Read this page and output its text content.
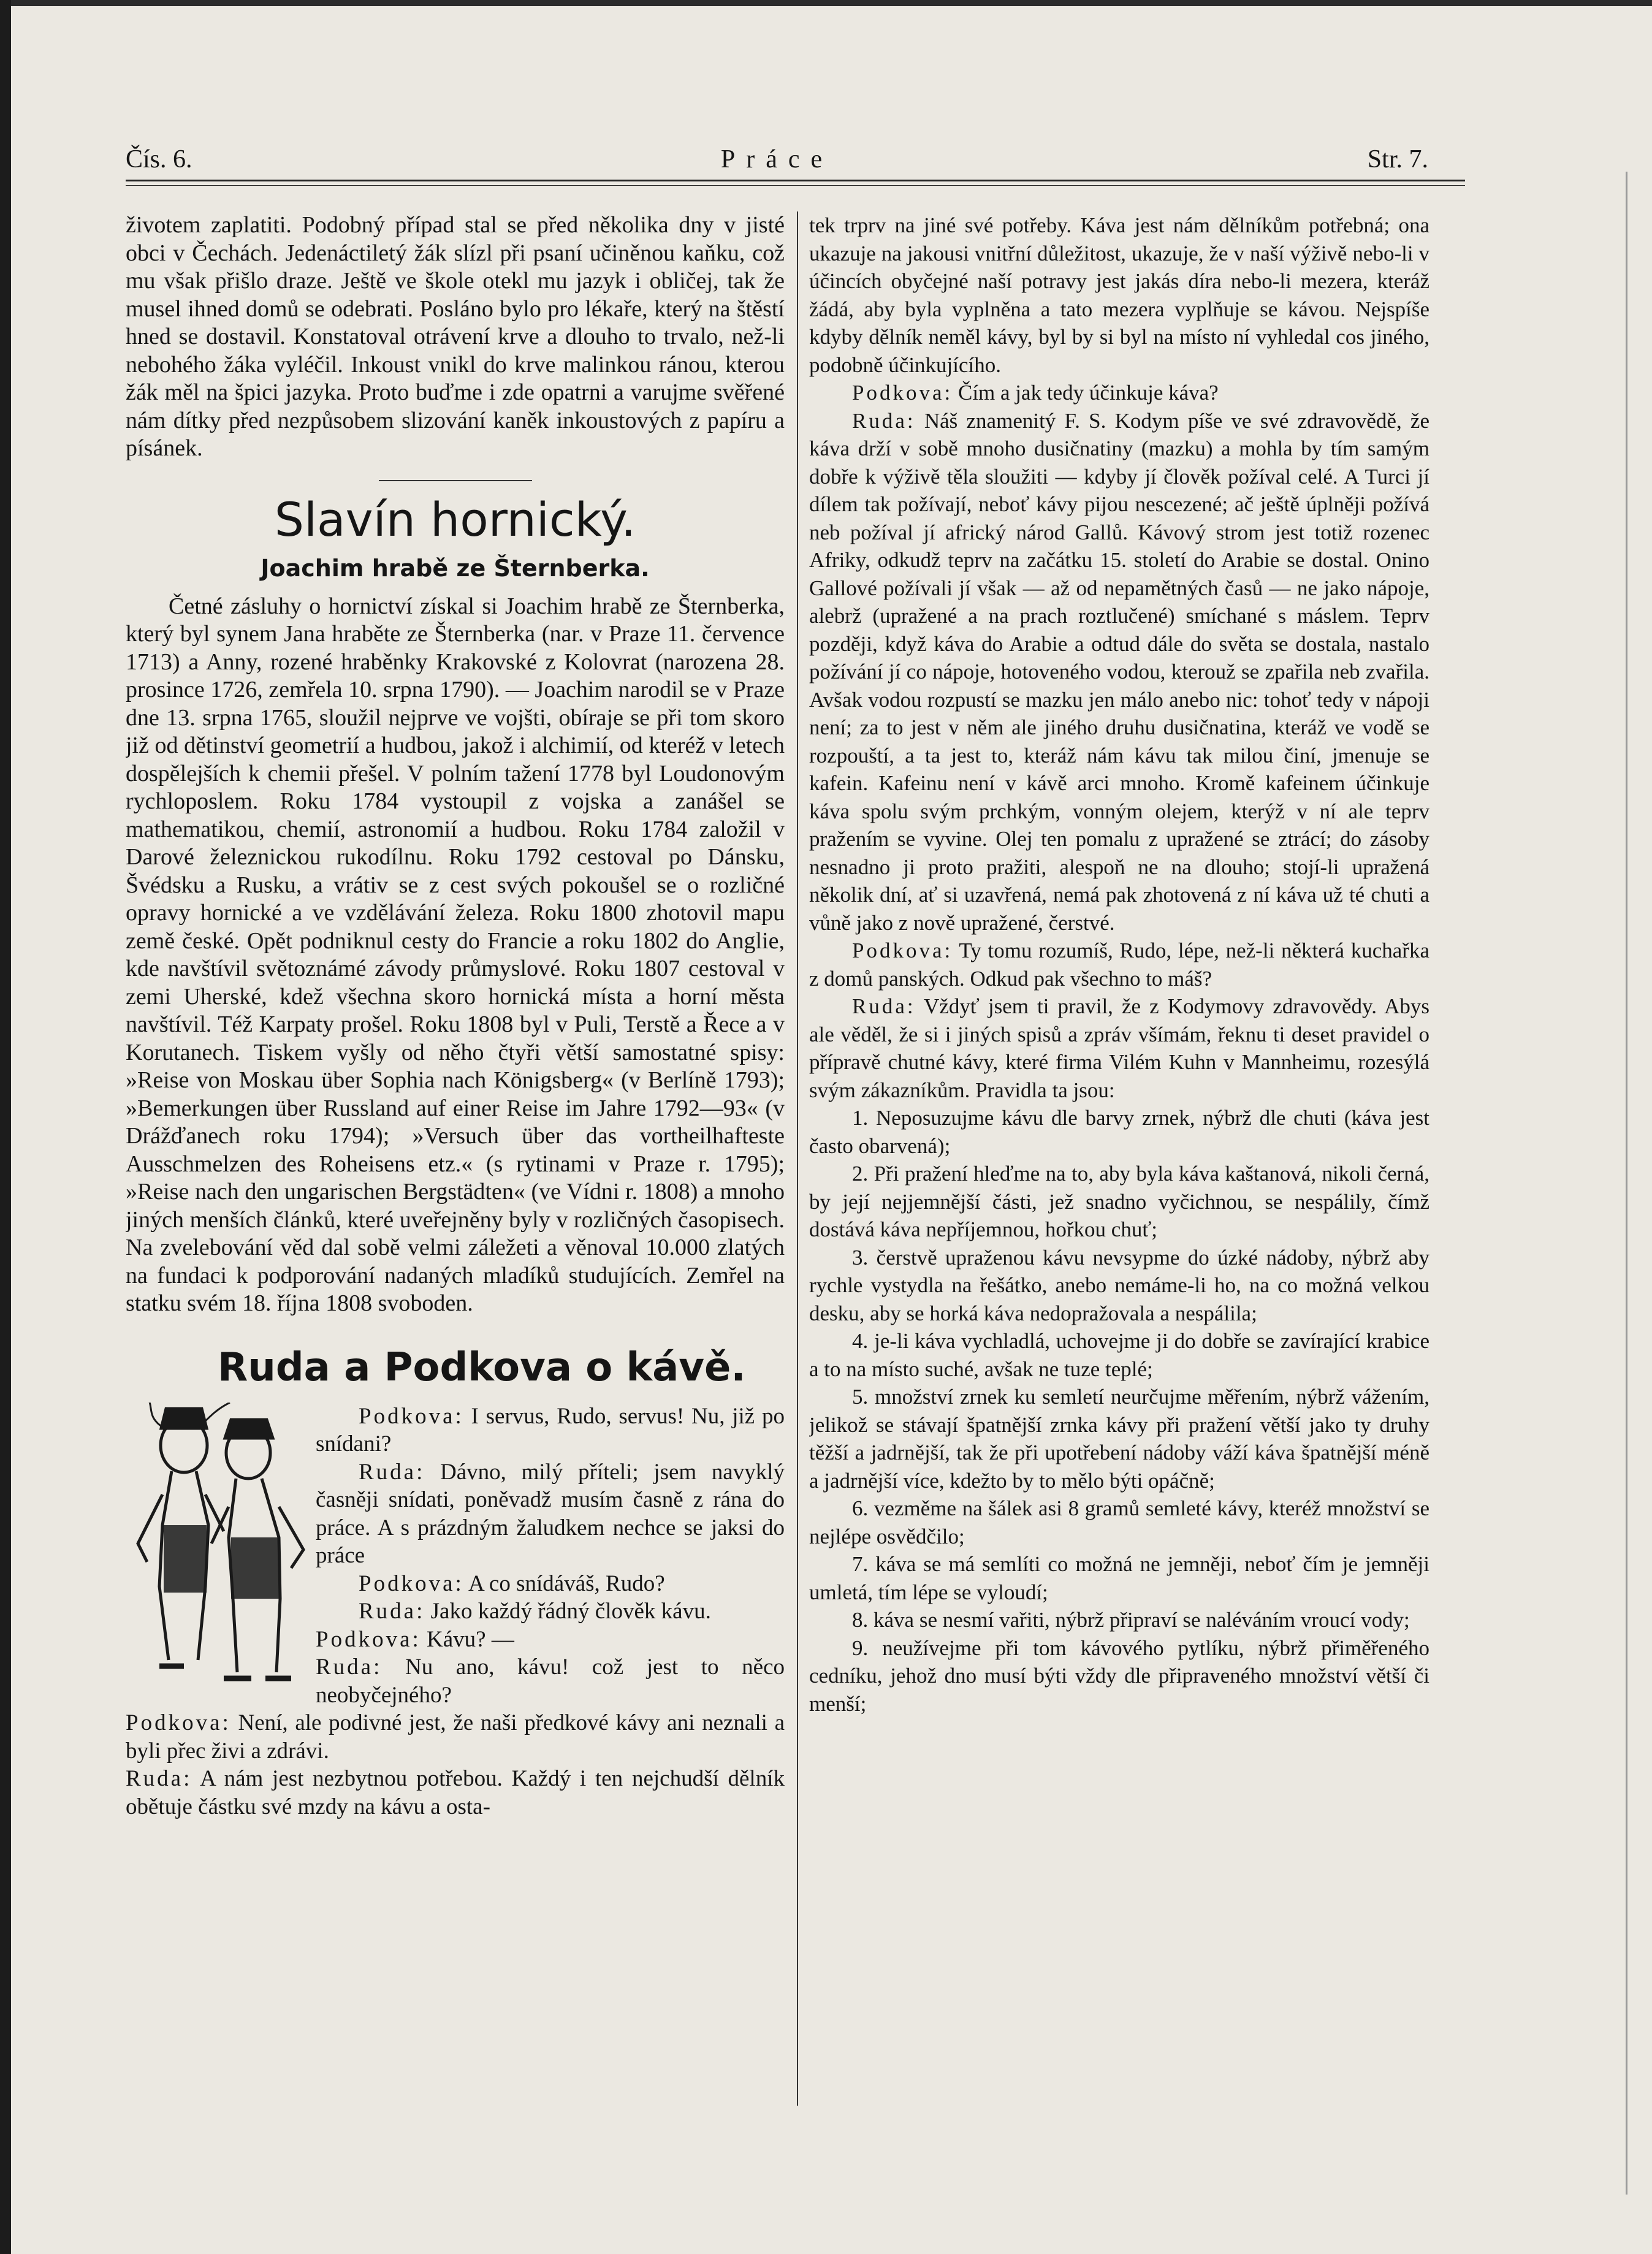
Čís. 6.	Práce	Str. 7.

životem zaplatiti. Podobný případ stal se před několika dny v jisté obci v Čechách. Jedenáctiletý žák slízl při psaní učiněnou kaňku, což mu však přišlo draze. Ještě ve škole otekl mu jazyk i obličej, tak že musel ihned domů se odebrati. Posláno bylo pro lékaře, který na štěstí hned se dostavil. Konstatoval otrávení krve a dlouho to trvalo, než-li nebohého žáka vyléčil. Inkoust vnikl do krve malinkou ránou, kterou žák měl na špici jazyka. Proto buďme i zde opatrni a varujme svěřené nám dítky před nezpůsobem slizování kaněk inkoustových z papíru a písánek.

Slavín hornický.
Joachim hrabě ze Šternberka.

Četné zásluhy o hornictví získal si Joachim hrabě ze Šternberka, který byl synem Jana hraběte ze Šternberka (nar. v Praze 11. července 1713) a Anny, rozené hraběnky Krakovské z Kolovrat (narozena 28. prosince 1726, zemřela 10. srpna 1790). — Joachim narodil se v Praze dne 13. srpna 1765, sloužil nejprve ve vojšti, obíraje se při tom skoro již od dětinství geometrií a hudbou, jakož i alchimií, od kteréž v letech dospělejších k chemii přešel. V polním tažení 1778 byl Loudonovým rychloposlem. Roku 1784 vystoupil z vojska a zanášel se mathematikou, chemií, astronomií a hudbou. Roku 1784 založil v Darové železnickou rukodílnu. Roku 1792 cestoval po Dánsku, Švédsku a Rusku, a vrátiv se z cest svých pokoušel se o rozličné opravy hornické a ve vzdělávání železa. Roku 1800 zhotovil mapu země české. Opět podniknul cesty do Francie a roku 1802 do Anglie, kde navštívil světoznámé závody průmyslové. Roku 1807 cestoval v zemi Uherské, kdež všechna skoro hornická místa a horní města navštívil. Též Karpaty prošel. Roku 1808 byl v Puli, Terstě a Řece a v Korutanech. Tiskem vyšly od něho čtyři větší samostatné spisy: »Reise von Moskau über Sophia nach Königsberg« (v Berlíně 1793); »Bemerkungen über Russland auf einer Reise im Jahre 1792—93« (v Drážďanech roku 1794); »Versuch über das vortheilhafteste Ausschmelzen des Roheisens etz.« (s rytinami v Praze r. 1795); »Reise nach den ungarischen Bergstädten« (ve Vídni r. 1808) a mnoho jiných menších článků, které uveřejněny byly v rozličných časopisech. Na zvelebování věd dal sobě velmi záležeti a věnoval 10.000 zlatých na fundaci k podporování nadaných mladíků studujících. Zemřel na statku svém 18. října 1808 svoboden.

Ruda a Podkova o kávě.

Podkova: I servus, Rudo, servus! Nu, již po snídani?

Ruda: Dávno, milý příteli; jsem navyklý časněji snídati, poněvadž musím časně z rána do práce. A s prázdným žaludkem nechce se jaksi do práce

Podkova: A co snídáváš, Rudo?

Ruda: Jako každý řádný člověk kávu.

Podkova: Kávu? —

Ruda: Nu ano, kávu! což jest to něco neobyčejného?

Podkova: Není, ale podivné jest, že naši předkové kávy ani neznali a byli přec živi a zdrávi.

Ruda: A nám jest nezbytnou potřebou. Každý i ten nejchudší dělník obětuje částku své mzdy na kávu a osta-

tek trprv na jiné své potřeby. Káva jest nám dělníkům potřebná; ona ukazuje na jakousi vnitřní důležitost, ukazuje, že v naší výživě nebo-li v účincích obyčejné naší potravy jest jakás díra nebo-li mezera, kteráž žádá, aby byla vyplněna a tato mezera vyplňuje se kávou. Nejspíše kdyby dělník neměl kávy, byl by si byl na místo ní vyhledal cos jiného, podobně účinkujícího.

Podkova: Čím a jak tedy účinkuje káva?

Ruda: Náš znamenitý F. S. Kodym píše ve své zdravovědě, že káva drží v sobě mnoho dusičnatiny (mazku) a mohla by tím samým dobře k výživě těla sloužiti — kdyby jí člověk požíval celé. A Turci jí dílem tak požívají, neboť kávy pijou nescezené; ač ještě úplněji požívá neb požíval jí africký národ Gallů. Kávový strom jest totiž rozenec Afriky, odkudž teprv na začátku 15. století do Arabie se dostal. Onino Gallové požívali jí však — až od nepamětných časů — ne jako nápoje, alebrž (upražené a na prach roztlučené) smíchané s máslem. Teprv později, když káva do Arabie a odtud dále do světa se dostala, nastalo požívání jí co nápoje, hotoveného vodou, kterouž se zpařila neb zvařila. Avšak vodou rozpustí se mazku jen málo anebo nic: tohoť tedy v nápoji není; za to jest v něm ale jiného druhu dusičnatina, kteráž ve vodě se rozpouští, a ta jest to, kteráž nám kávu tak milou činí, jmenuje se kafein. Kafeinu není v kávě arci mnoho. Kromě kafeinem účinkuje káva spolu svým prchkým, vonným olejem, kterýž v ní ale teprv pražením se vyvine. Olej ten pomalu z upražené se ztrácí; do zásoby nesnadno ji proto pražiti, alespoň ne na dlouho; stojí-li upražená několik dní, ať si uzavřená, nemá pak zhotovená z ní káva už té chuti a vůně jako z nově upražené, čerstvé.

Podkova: Ty tomu rozumíš, Rudo, lépe, než-li některá kuchařka z domů panských. Odkud pak všechno to máš?

Ruda: Vždyť jsem ti pravil, že z Kodymovy zdravovědy. Abys ale věděl, že si i jiných spisů a zpráv všímám, řeknu ti deset pravidel o přípravě chutné kávy, které firma Vilém Kuhn v Mannheimu, rozesýlá svým zákazníkům. Pravidla ta jsou:

1. Neposuzujme kávu dle barvy zrnek, nýbrž dle chuti (káva jest často obarvená);

2. Při pražení hleďme na to, aby byla káva kaštanová, nikoli černá, by její nejjemnější části, jež snadno vyčichnou, se nespálily, čímž dostává káva nepříjemnou, hořkou chuť;

3. čerstvě upraženou kávu nevsypme do úzké nádoby, nýbrž aby rychle vystydla na řešátko, anebo nemáme-li ho, na co možná velkou desku, aby se horká káva nedopražovala a nespálila;

4. je-li káva vychladlá, uchovejme ji do dobře se zavírající krabice a to na místo suché, avšak ne tuze teplé;

5. množství zrnek ku semletí neurčujme měřením, nýbrž vážením, jelikož se stávají špatnější zrnka kávy při pražení větší jako ty druhy těžší a jadrnější, tak že při upotřebení nádoby váží káva špatnější méně a jadrnější více, kdežto by to mělo býti opáčně;

6. vezměme na šálek asi 8 gramů semleté kávy, kteréž množství se nejlépe osvědčilo;

7. káva se má semlíti co možná ne jemněji, neboť čím je jemněji umletá, tím lépe se vyloudí;

8. káva se nesmí vařiti, nýbrž připraví se naléváním vroucí vody;

9. neužívejme při tom kávového pytlíku, nýbrž přiměřeného cedníku, jehož dno musí býti vždy dle připraveného množství větší či menší;
